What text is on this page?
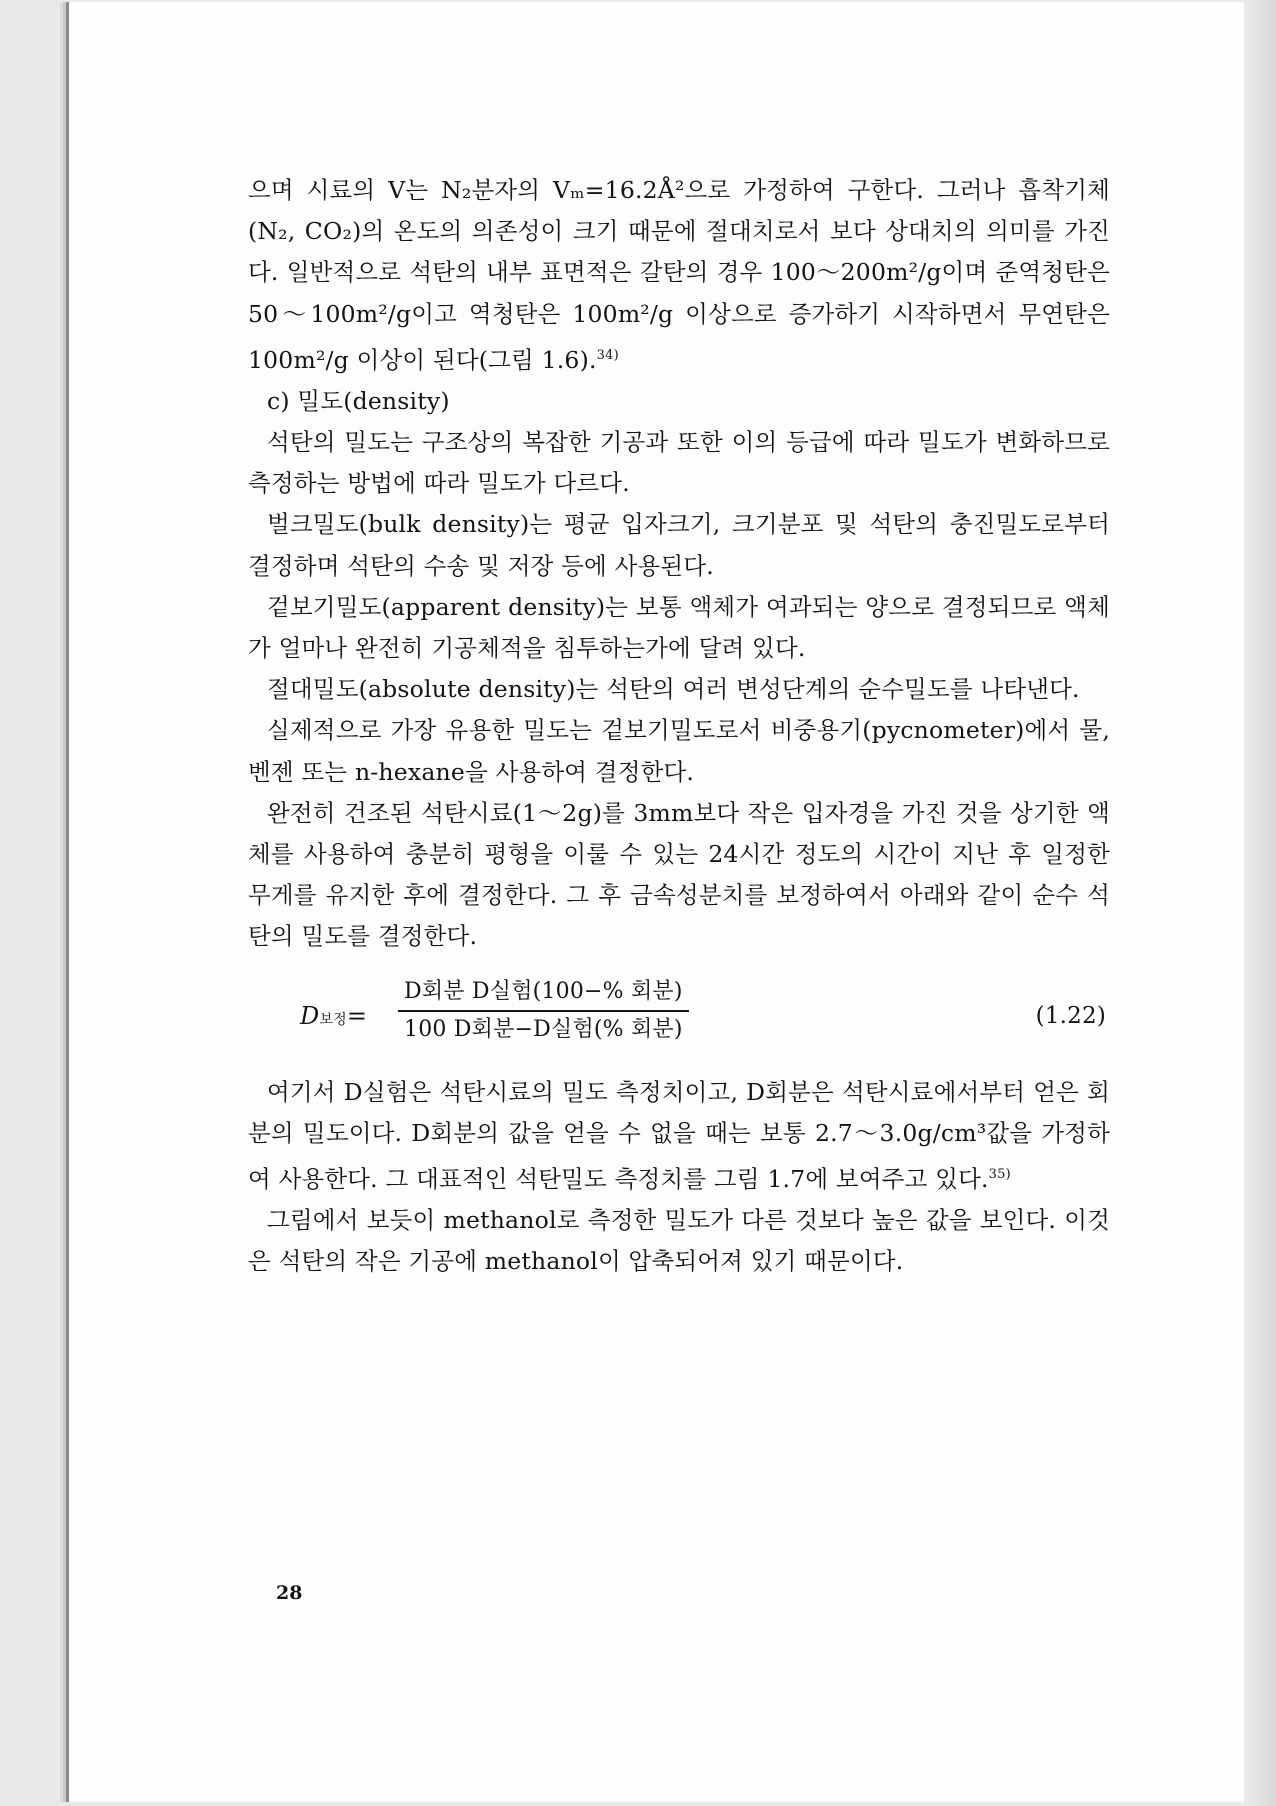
으며 시료의 V는 N₂분자의 Vₘ=16.2Å²으로 가정하여 구한다. 그러나 흡착기체(N₂, CO₂)의 온도의 의존성이 크기 때문에 절대치로서 보다 상대치의 의미를 가진다. 일반적으로 석탄의 내부 표면적은 갈탄의 경우 100～200m²/g이며 준역청탄은 50～100m²/g이고 역청탄은 100m²/g 이상으로 증가하기 시작하면서 무연탄은 100m²/g 이상이 된다(그림 1.6).$^{34)}$

c) 밀도(density)

석탄의 밀도는 구조상의 복잡한 기공과 또한 이의 등급에 따라 밀도가 변화하므로 측정하는 방법에 따라 밀도가 다르다.

벌크밀도(bulk density)는 평균 입자크기, 크기분포 및 석탄의 충진밀도로부터 결정하며 석탄의 수송 및 저장 등에 사용된다.

겉보기밀도(apparent density)는 보통 액체가 여과되는 양으로 결정되므로 액체가 얼마나 완전히 기공체적을 침투하는가에 달려 있다.

절대밀도(absolute density)는 석탄의 여러 변성단계의 순수밀도를 나타낸다.

실제적으로 가장 유용한 밀도는 겉보기밀도로서 비중용기(pycnometer)에서 물, 벤젠 또는 n-hexane을 사용하여 결정한다.

완전히 건조된 석탄시료(1～2g)를 3mm보다 작은 입자경을 가진 것을 상기한 액체를 사용하여 충분히 평형을 이룰 수 있는 24시간 정도의 시간이 지난 후 일정한 무게를 유지한 후에 결정한다. 그 후 금속성분치를 보정하여서 아래와 같이 순수 석탄의 밀도를 결정한다.

D보정=
D회분 D실험(100−% 회분)
100 D회분−D실험(% 회분)
(1.22)

여기서 D실험은 석탄시료의 밀도 측정치이고, D회분은 석탄시료에서부터 얻은 회분의 밀도이다. D회분의 값을 얻을 수 없을 때는 보통 2.7～3.0g/cm³값을 가정하여 사용한다. 그 대표적인 석탄밀도 측정치를 그림 1.7에 보여주고 있다.$^{35)}$

그림에서 보듯이 methanol로 측정한 밀도가 다른 것보다 높은 값을 보인다. 이것은 석탄의 작은 기공에 methanol이 압축되어져 있기 때문이다.

28
